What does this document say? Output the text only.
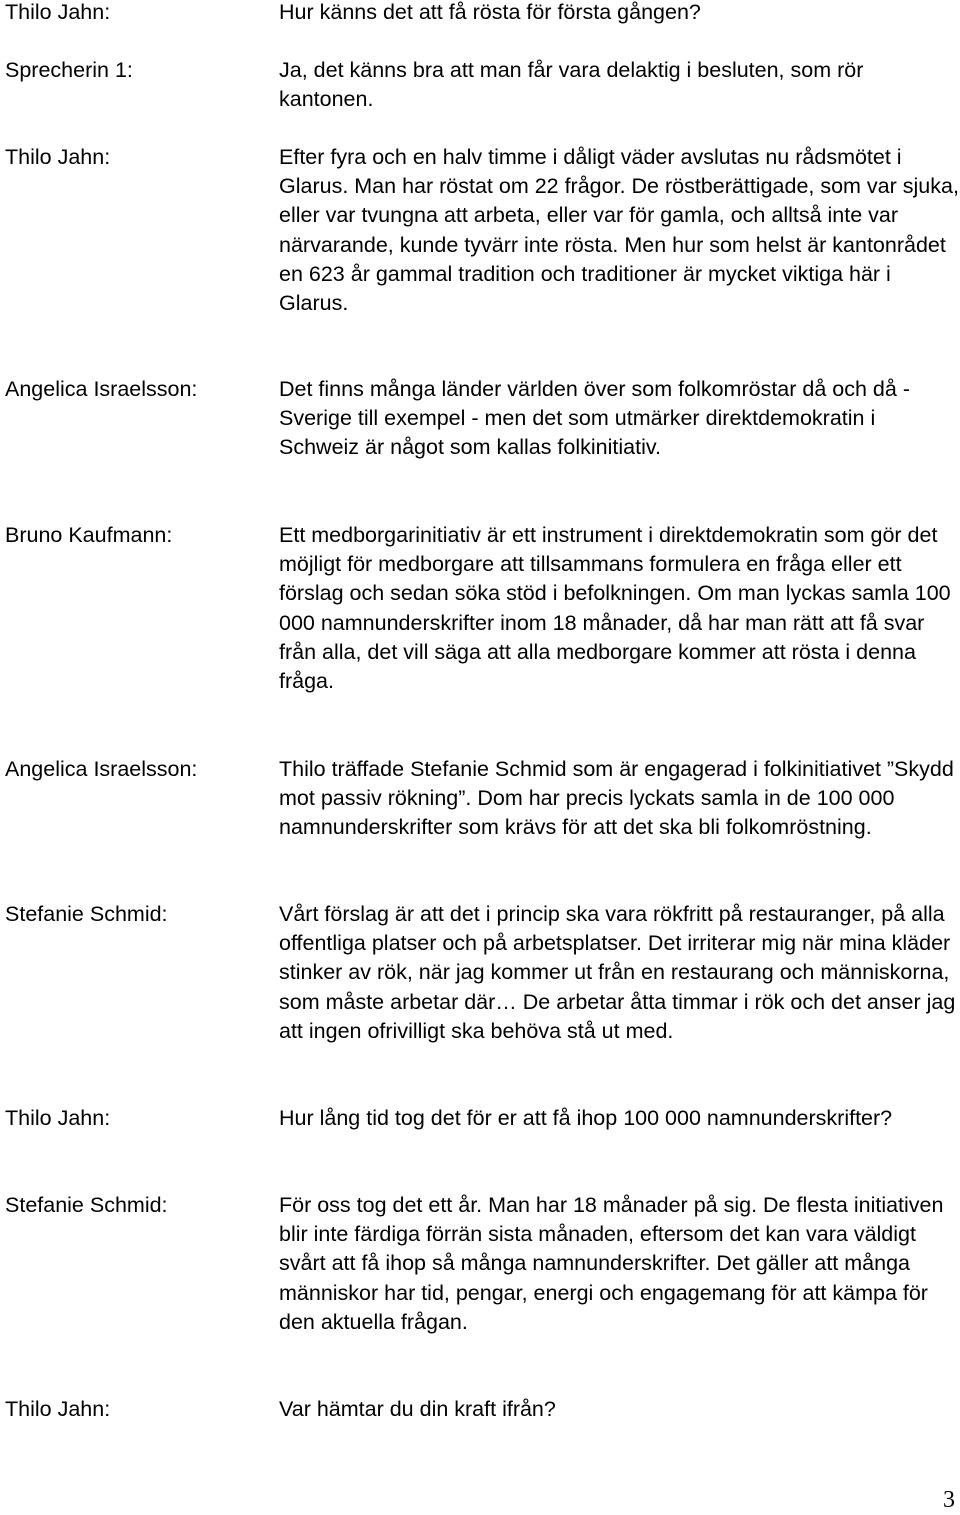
Thilo Jahn:	Hur känns det att få rösta för första gången?
Sprecherin 1:	Ja, det känns bra att man får vara delaktig i besluten, som rör kantonen.
Thilo Jahn:	Efter fyra och en halv timme i dåligt väder avslutas nu rådsmötet i Glarus. Man har röstat om 22 frågor. De röstberättigade, som var sjuka, eller var tvungna att arbeta, eller var för gamla, och alltså inte var närvarande, kunde tyvärr inte rösta. Men hur som helst är kantonrådet en 623 år gammal tradition och traditioner är mycket viktiga här i Glarus.
Angelica Israelsson:	Det finns många länder världen över som folkomröstar då och då - Sverige till exempel - men det som utmärker direktdemokratin i Schweiz är något som kallas folkinitiativ.
Bruno Kaufmann:	Ett medborgarinitiativ är ett instrument i direktdemokratin som gör det möjligt för medborgare att tillsammans formulera en fråga eller ett förslag och sedan söka stöd i befolkningen. Om man lyckas samla 100 000 namnunderskrifter inom 18 månader, då har man rätt att få svar från alla, det vill säga att alla medborgare kommer att rösta i denna fråga.
Angelica Israelsson:	Thilo träffade Stefanie Schmid som är engagerad i folkinitiativet ”Skydd mot passiv rökning”. Dom har precis lyckats samla in de 100 000 namnunderskrifter som krävs för att det ska bli folkomröstning.
Stefanie Schmid:	Vårt förslag är att det i princip ska vara rökfritt på restauranger, på alla offentliga platser och på arbetsplatser. Det irriterar mig när mina kläder stinker av rök, när jag kommer ut från en restaurang och människorna, som måste arbetar där… De arbetar åtta timmar i rök och det anser jag att ingen ofrivilligt ska behöva stå ut med.
Thilo Jahn:	Hur lång tid tog det för er att få ihop 100 000 namnunderskrifter?
Stefanie Schmid:	För oss tog det ett år. Man har 18 månader på sig. De flesta initiativen blir inte färdiga förrän sista månaden, eftersom det kan vara väldigt svårt att få ihop så många namnunderskrifter. Det gäller att många människor har tid, pengar, energi och engagemang för att kämpa för den aktuella frågan.
Thilo Jahn:	Var hämtar du din kraft ifrån?
3
